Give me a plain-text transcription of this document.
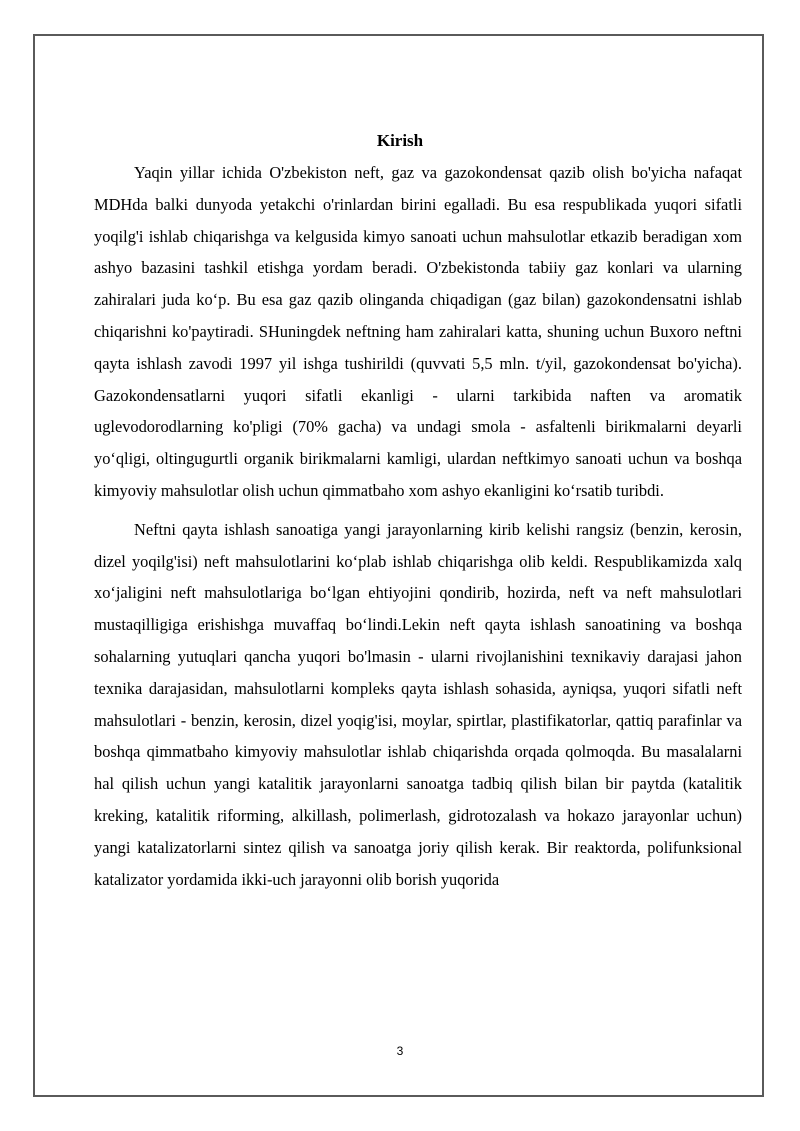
Kirish

Yaqin yillar ichida O'zbekiston neft, gaz va gazokondensat qazib olish bo'yicha nafaqat MDHda balki dunyoda yetakchi o'rinlardan birini egalladi. Bu esa respublikada yuqori sifatli yoqilg'i ishlab chiqarishga va kelgusida kimyo sanoati uchun mahsulotlar etkazib beradigan xom ashyo bazasini tashkil etishga yordam beradi. O'zbekistonda tabiiy gaz konlari va ularning zahiralari juda ko‘p. Bu esa gaz qazib olinganda chiqadigan (gaz bilan) gazokondensatni ishlab chiqarishni ko'paytiradi. SHuningdek neftning ham zahiralari katta, shuning uchun Buxoro neftni qayta ishlash zavodi 1997 yil ishga tushirildi (quvvati 5,5 mln. t/yil, gazokondensat bo'yicha). Gazokondensatlarni yuqori sifatli ekanligi - ularni tarkibida naften va aromatik uglevodorodlarning ko'pligi (70% gacha) va undagi smola - asfaltenli birikmalarni deyarli yo‘qligi, oltingugurtli organik birikmalarni kamligi, ulardan neftkimyo sanoati uchun va boshqa kimyoviy mahsulotlar olish uchun qimmatbaho xom ashyo ekanligini ko‘rsatib turibdi.

Neftni qayta ishlash sanoatiga yangi jarayonlarning kirib kelishi rangsiz (benzin, kerosin, dizel yoqilg'isi) neft mahsulotlarini ko‘plab ishlab chiqarishga olib keldi. Respublikamizda xalq xo‘jaligini neft mahsulotlariga bo‘lgan ehtiyojini qondirib, hozirda, neft va neft mahsulotlari mustaqilligiga erishishga muvaffaq bo‘lindi.Lekin neft qayta ishlash sanoatining va boshqa sohalarning yutuqlari qancha yuqori bo'lmasin - ularni rivojlanishini texnikaviy darajasi jahon texnika darajasidan, mahsulotlarni kompleks qayta ishlash sohasida, ayniqsa, yuqori sifatli neft mahsulotlari - benzin, kerosin, dizel yoqig'isi, moylar, spirtlar, plastifikatorlar, qattiq parafinlar va boshqa qimmatbaho kimyoviy mahsulotlar ishlab chiqarishda orqada qolmoqda. Bu masalalarni hal qilish uchun yangi katalitik jarayonlarni sanoatga tadbiq qilish bilan bir paytda (katalitik kreking, katalitik riforming, alkillash, polimerlash, gidrotozalash va hokazo jarayonlar uchun) yangi katalizatorlarni sintez qilish va sanoatga joriy qilish kerak. Bir reaktorda, polifunksional katalizator yordamida ikki-uch jarayonni olib borish yuqorida

3
